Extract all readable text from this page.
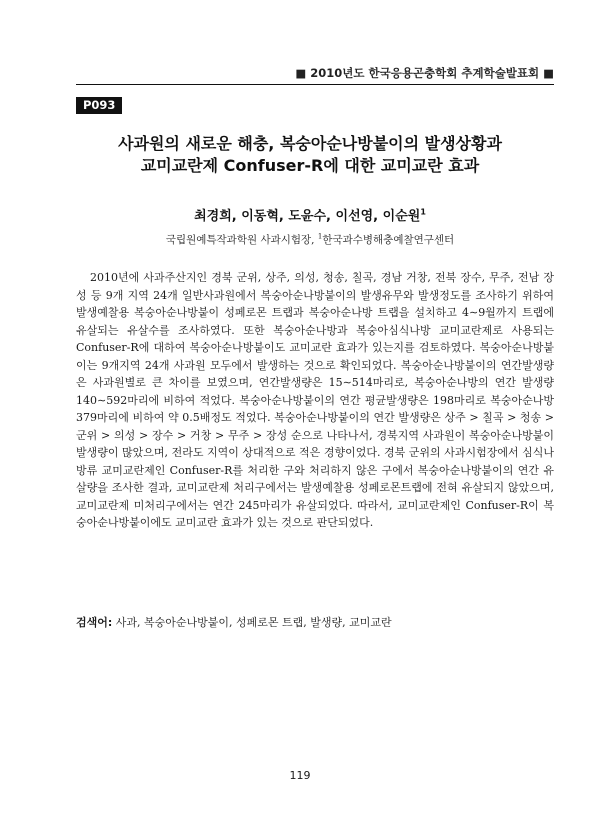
■ 2010년도 한국응용곤충학회 추계학술발표회 ■
P093
사과원의 새로운 해충, 복숭아순나방붙이의 발생상황과
교미교란제 Confuser-R에 대한 교미교란 효과
최경희, 이동혁, 도윤수, 이선영, 이순원$^1$
국립원예특작과학원 사과시험장, $^1$한국과수병해충예찰연구센터

2010년에 사과주산지인 경북 군위, 상주, 의성, 청송, 칠곡, 경남 거창, 전북 장수, 무주, 전남 장성 등 9개 지역 24개 일반사과원에서 복숭아순나방붙이의 발생유무와 발생정도를 조사하기 위하여 발생예찰용 복숭아순나방붙이 성페로몬 트랩과 복숭아순나방 트랩을 설치하고 4∼9월까지 트랩에 유살되는 유살수를 조사하였다. 또한 복숭아순나방과 복숭아심식나방 교미교란제로 사용되는 Confuser-R에 대하여 복숭아순나방붙이도 교미교란 효과가 있는지를 검토하였다. 복숭아순나방붙이는 9개지역 24개 사과원 모두에서 발생하는 것으로 확인되었다. 복숭아순나방붙이의 연간발생량은 사과원별로 큰 차이를 보였으며, 연간발생량은 15∼514마리로, 복숭아순나방의 연간 발생량 140∼592마리에 비하여 적었다. 복숭아순나방붙이의 연간 평균발생량은 198마리로 복숭아순나방 379마리에 비하여 약 0.5배정도 적었다. 복숭아순나방붙이의 연간 발생량은 상주 > 칠곡 > 청송 > 군위 > 의성 > 장수 > 거창 > 무주 > 장성 순으로 나타나서, 경북지역 사과원이 복숭아순나방붙이 발생량이 많았으며, 전라도 지역이 상대적으로 적은 경향이었다. 경북 군위의 사과시험장에서 심식나방류 교미교란제인 Confuser-R를 처리한 구와 처리하지 않은 구에서 복숭아순나방붙이의 연간 유살량을 조사한 결과, 교미교란제 처리구에서는 발생예찰용 성페로몬트랩에 전혀 유살되지 않았으며, 교미교란제 미처리구에서는 연간 245마리가 유살되었다. 따라서, 교미교란제인 Confuser-R이 복숭아순나방붙이에도 교미교란 효과가 있는 것으로 판단되었다.

검색어: 사과, 복숭아순나방붙이, 성페로몬 트랩, 발생량, 교미교란
119
